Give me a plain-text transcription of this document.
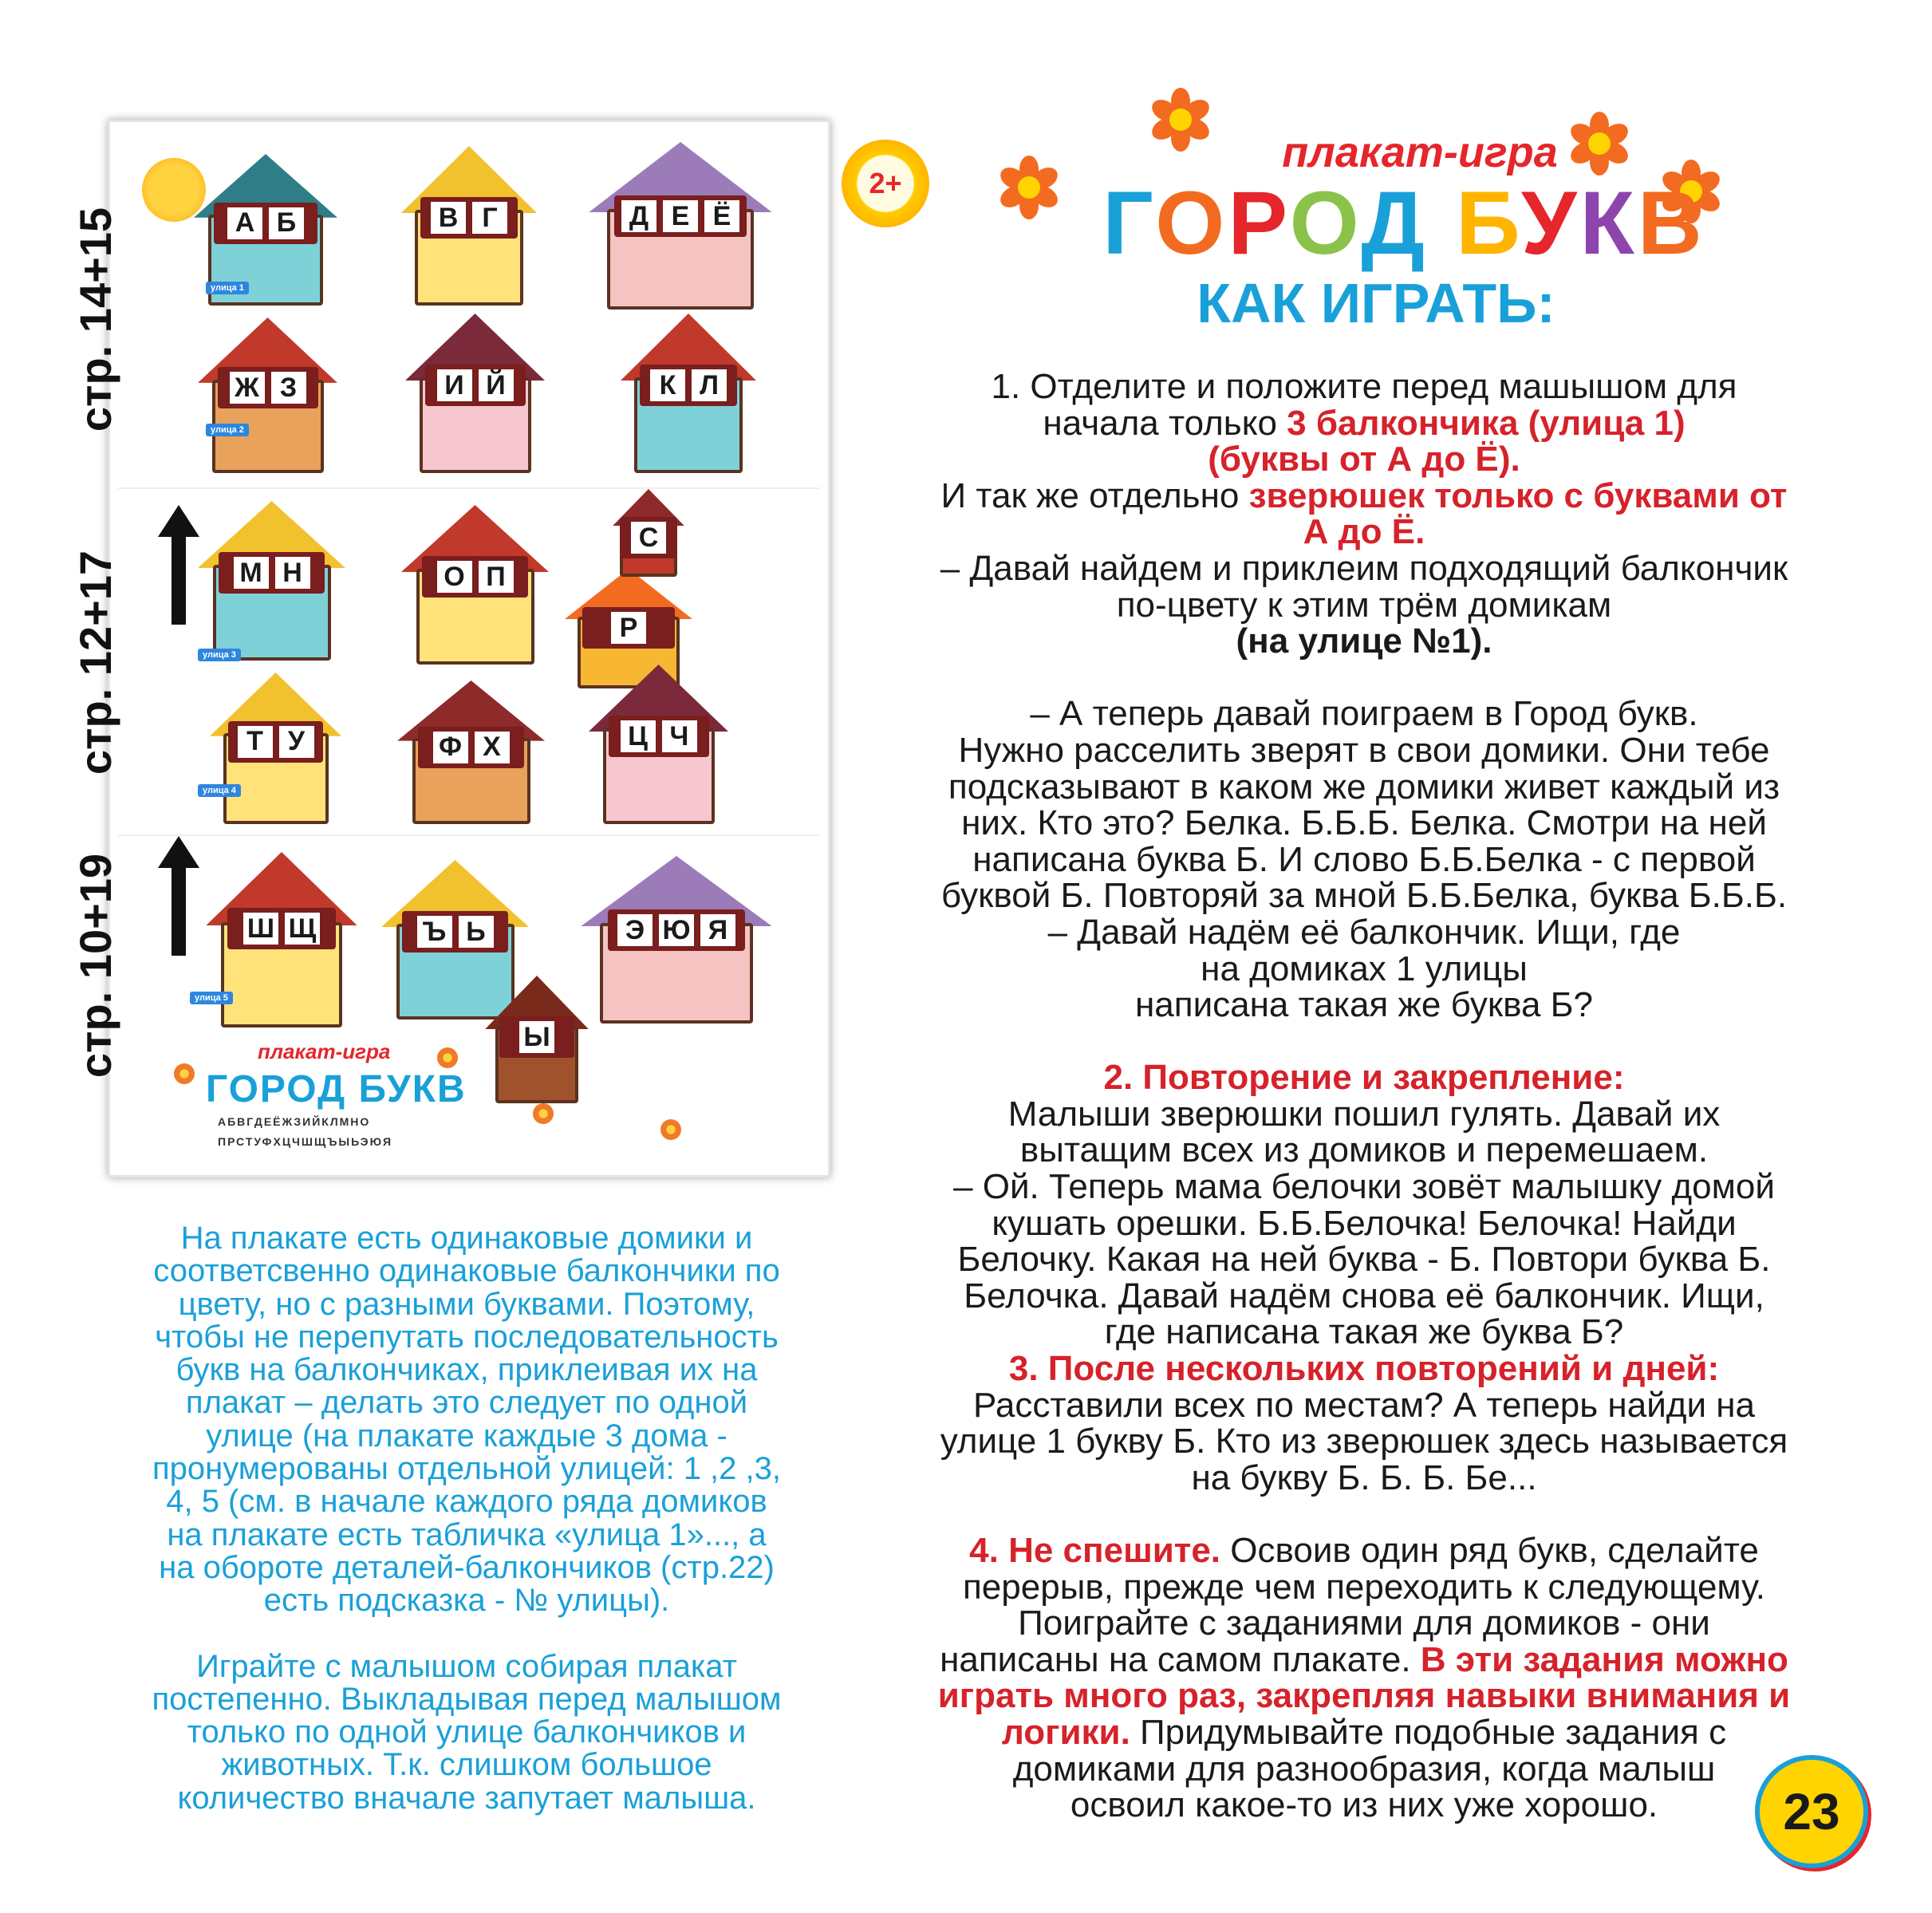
А Б	В Г	Д Е Ё
улица 1
Ж З	И Й	К Л
улица 2
М Н	О П
Р
С
улица 3
Т У	Ф Х	Ц Ч
улица 4
Ш Щ	Ъ Ь	Э Ю Я
Ы
улица 5
плакат-игра
ГОРОД БУКВ
АБВГДЕЁЖЗИЙКЛМНО
ПРСТУФХЦЧШЩЪЫЬЭЮЯ
стр. 14+15
стр. 12+17
стр. 10+19
2+
23
плакат-игра
ГОРОД БУКВ
КАК ИГРАТЬ:

1. Отделите и положите перед машышом для

начала только 3 балкончика (улица 1)

(буквы от А до Ё).

И так же отдельно зверюшек только с буквами от

А до Ё.

– Давай найдем и приклеим подходящий балкончик

по-цвету к этим трём домикам

(на улице №1).

– А теперь давай поиграем в Город букв.

Нужно расселить зверят в свои домики. Они тебе

подсказывают в каком же домики живет каждый из

них. Кто это? Белка. Б.Б.Б. Белка. Смотри на ней

написана буква Б. И слово Б.Б.Белка - с первой

буквой Б. Повторяй за мной Б.Б.Белка, буква Б.Б.Б.

– Давай надём её балкончик. Ищи, где

на домиках 1 улицы

написана такая же буква Б?

2. Повторение и закрепление:

Малыши зверюшки пошил гулять. Давай их

вытащим всех из домиков и перемешаем.

– Ой. Теперь мама белочки зовёт малышку домой

кушать орешки. Б.Б.Белочка! Белочка! Найди

Белочку. Какая на ней буква - Б. Повтори буква Б.

Белочка. Давай надём снова её балкончик. Ищи,

где написана такая же буква Б?

3. После нескольких повторений и дней:

Расставили всех по местам? А теперь найди на

улице 1 букву Б. Кто из зверюшек здесь называется

на букву Б. Б. Б. Бе...

4. Не спешите. Освоив один ряд букв, сделайте

перерыв, прежде чем переходить к следующему.

Поиграйте с заданиями для домиков - они

написаны на самом плакате. В эти задания можно

играть много раз, закрепляя навыки внимания и

логики. Придумывайте подобные задания с

домиками для разнообразия, когда малыш

освоил какое-то из них уже хорошо.

На плакате есть одинаковые домики и

соответсвенно одинаковые балкончики по

цвету, но с разными буквами. Поэтому,

чтобы не перепутать последовательность

букв на балкончиках, приклеивая их на

плакат – делать это следует по одной

улице (на плакате каждые 3 дома -

пронумерованы отдельной улицей: 1 ,2 ,3,

4, 5 (см. в начале каждого ряда домиков

на плакате есть табличка «улица 1»..., а

на обороте деталей-балкончиков (стр.22)

есть подсказка - № улицы).

Играйте с малышом собирая плакат

постепенно. Выкладывая перед малышом

только по одной улице балкончиков и

животных. Т.к. слишком большое

количество вначале запутает малыша.
